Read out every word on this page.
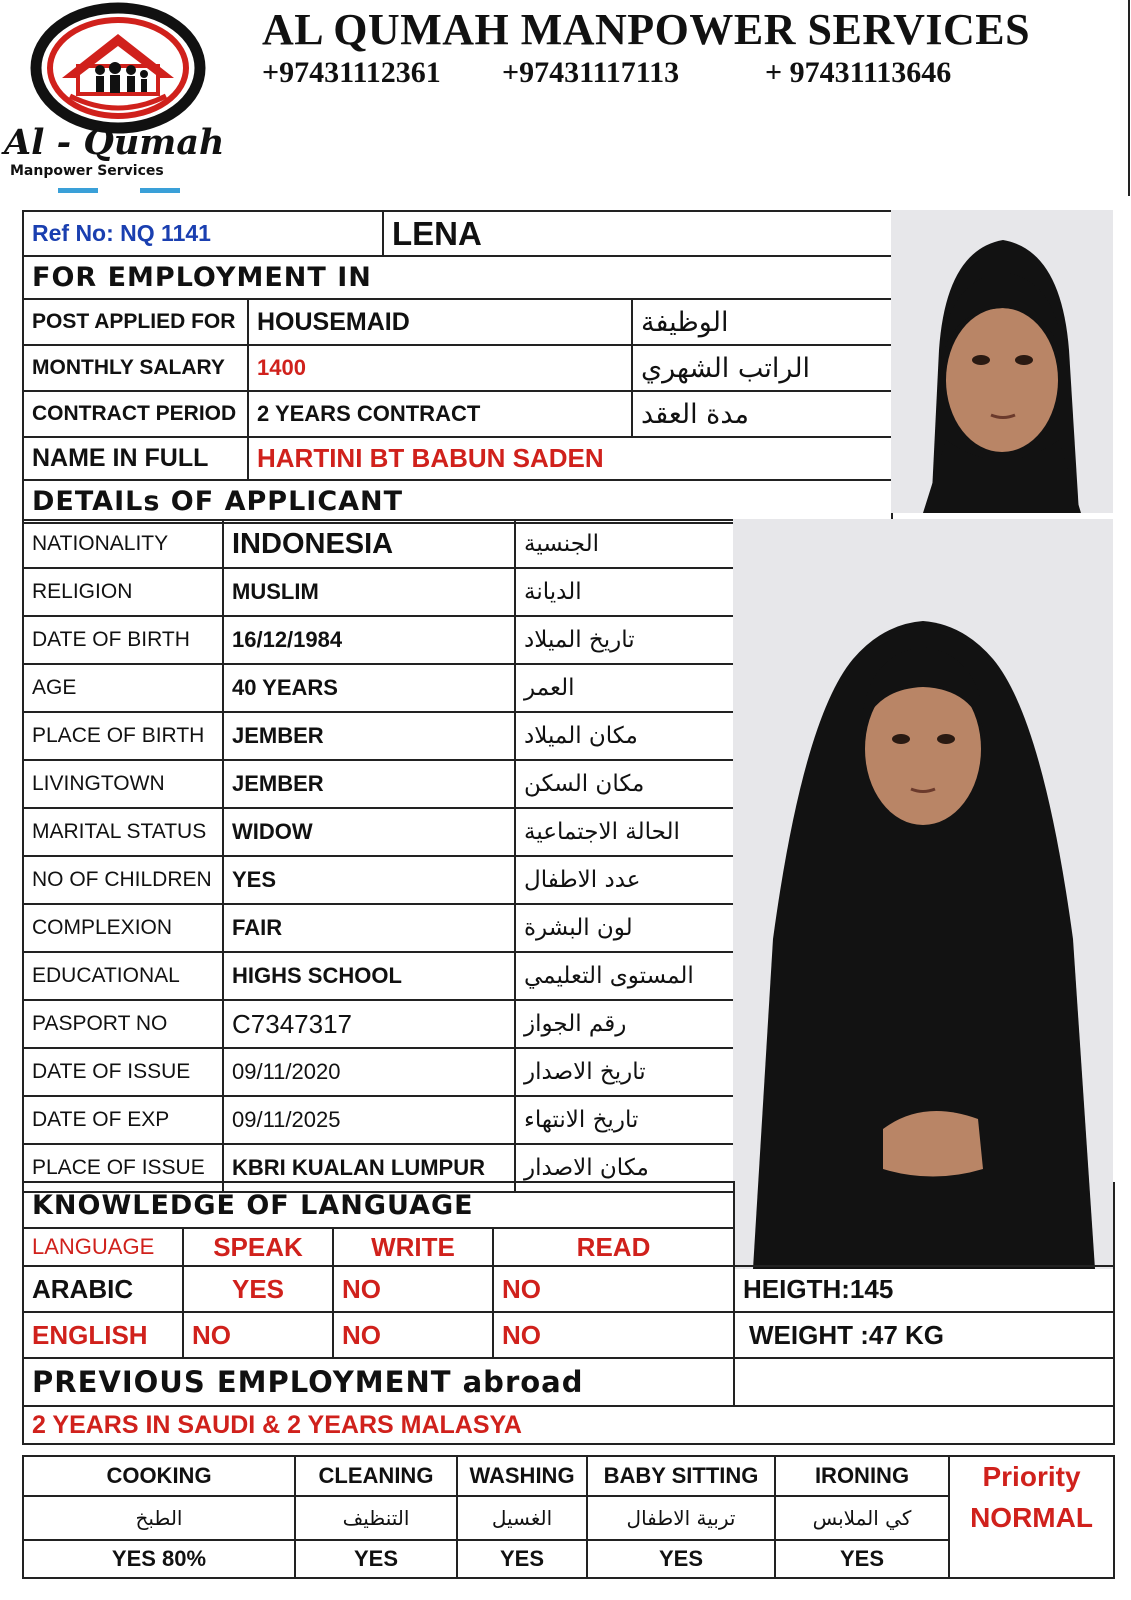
Al - Qumah
Manpower Services
AL QUMAH MANPOWER SERVICES
+97431112361 +97431117113	+ 97431113646
Ref No: NQ 1141		LENA	
FOR EMPLOYMENT IN			
POST APPLIED FOR	HOUSEMAID		الوظيفة
MONTHLY SALARY	1400		الراتب الشهري
CONTRACT PERIOD	2 YEARS CONTRACT		مدة العقد
NAME IN FULL	HARTINI BT BABUN SADEN		
DETAILs OF APPLICANT			
NATIONALITY	INDONESIA	الجنسية
RELIGION	MUSLIM	الديانة
DATE OF BIRTH	16/12/1984	تاريخ الميلاد
AGE	40 YEARS	العمر
PLACE OF BIRTH	JEMBER	مكان الميلاد
LIVINGTOWN	JEMBER	مكان السكن
MARITAL STATUS	WIDOW	الحالة الاجتماعية
NO OF CHILDREN	YES	عدد الاطفال
COMPLEXION	FAIR	لون البشرة
EDUCATIONAL	HIGHS SCHOOL	المستوى التعليمي
PASPORT NO	C7347317	رقم الجواز
DATE OF ISSUE	09/11/2020	تاريخ الاصدار
DATE OF EXP	09/11/2025	تاريخ الانتهاء
PLACE OF ISSUE	KBRI KUALAN LUMPUR	مكان الاصدار
KNOWLEDGE OF LANGUAGE				
LANGUAGE	SPEAK	WRITE	READ	
ARABIC	YES	NO	NO	HEIGTH:145
ENGLISH	NO	NO	NO	WEIGHT :47 KG
PREVIOUS EMPLOYMENT abroad				
2 YEARS IN SAUDI & 2 YEARS MALASYA				
COOKING	CLEANING	WASHING	BABY SITTING	IRONING	Priority
الطبخ	التنظيف	الغسيل	تربية الاطفال	كي الملابس	NORMAL
YES 80%	YES	YES	YES	YES	
